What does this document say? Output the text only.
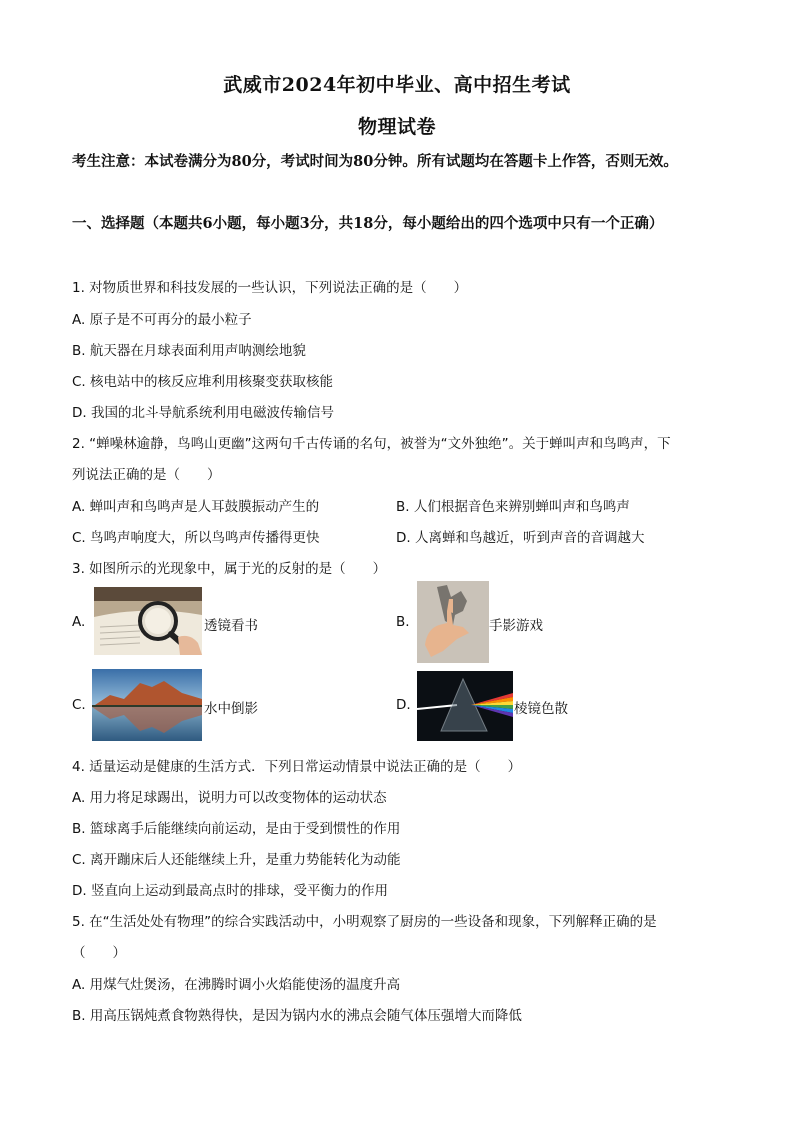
武威市2024年初中毕业、高中招生考试
物理试卷
考生注意：本试卷满分为80分，考试时间为80分钟。所有试题均在答题卡上作答，否则无效。
一、选择题（本题共6小题，每小题3分，共18分，每小题给出的四个选项中只有一个正确）
1. 对物质世界和科技发展的一些认识，下列说法正确的是（　　）
A. 原子是不可再分的最小粒子
B. 航天器在月球表面利用声呐测绘地貌
C. 核电站中的核反应堆利用核聚变获取核能
D. 我国的北斗导航系统利用电磁波传输信号
2. “蝉噪林逾静，鸟鸣山更幽”这两句千古传诵的名句，被誉为“文外独绝”。关于蝉叫声和鸟鸣声，下
列说法正确的是（　　）
A. 蝉叫声和鸟鸣声是人耳鼓膜振动产生的	B. 人们根据音色来辨别蝉叫声和鸟鸣声
C. 鸟鸣声响度大，所以鸟鸣声传播得更快	D. 人离蝉和鸟越近，听到声音的音调越大
3. 如图所示的光现象中，属于光的反射的是（　　）
A.	透镜看书	B.	手影游戏
C.	水中倒影	D.	棱镜色散
4. 适量运动是健康的生活方式．下列日常运动情景中说法正确的是（　　）
A. 用力将足球踢出，说明力可以改变物体的运动状态
B. 篮球离手后能继续向前运动，是由于受到惯性的作用
C. 离开蹦床后人还能继续上升，是重力势能转化为动能
D. 竖直向上运动到最高点时的排球，受平衡力的作用
5. 在“生活处处有物理”的综合实践活动中，小明观察了厨房的一些设备和现象，下列解释正确的是
（　　）
A. 用煤气灶煲汤，在沸腾时调小火焰能使汤的温度升高
B. 用高压锅炖煮食物熟得快，是因为锅内水的沸点会随气体压强增大而降低
